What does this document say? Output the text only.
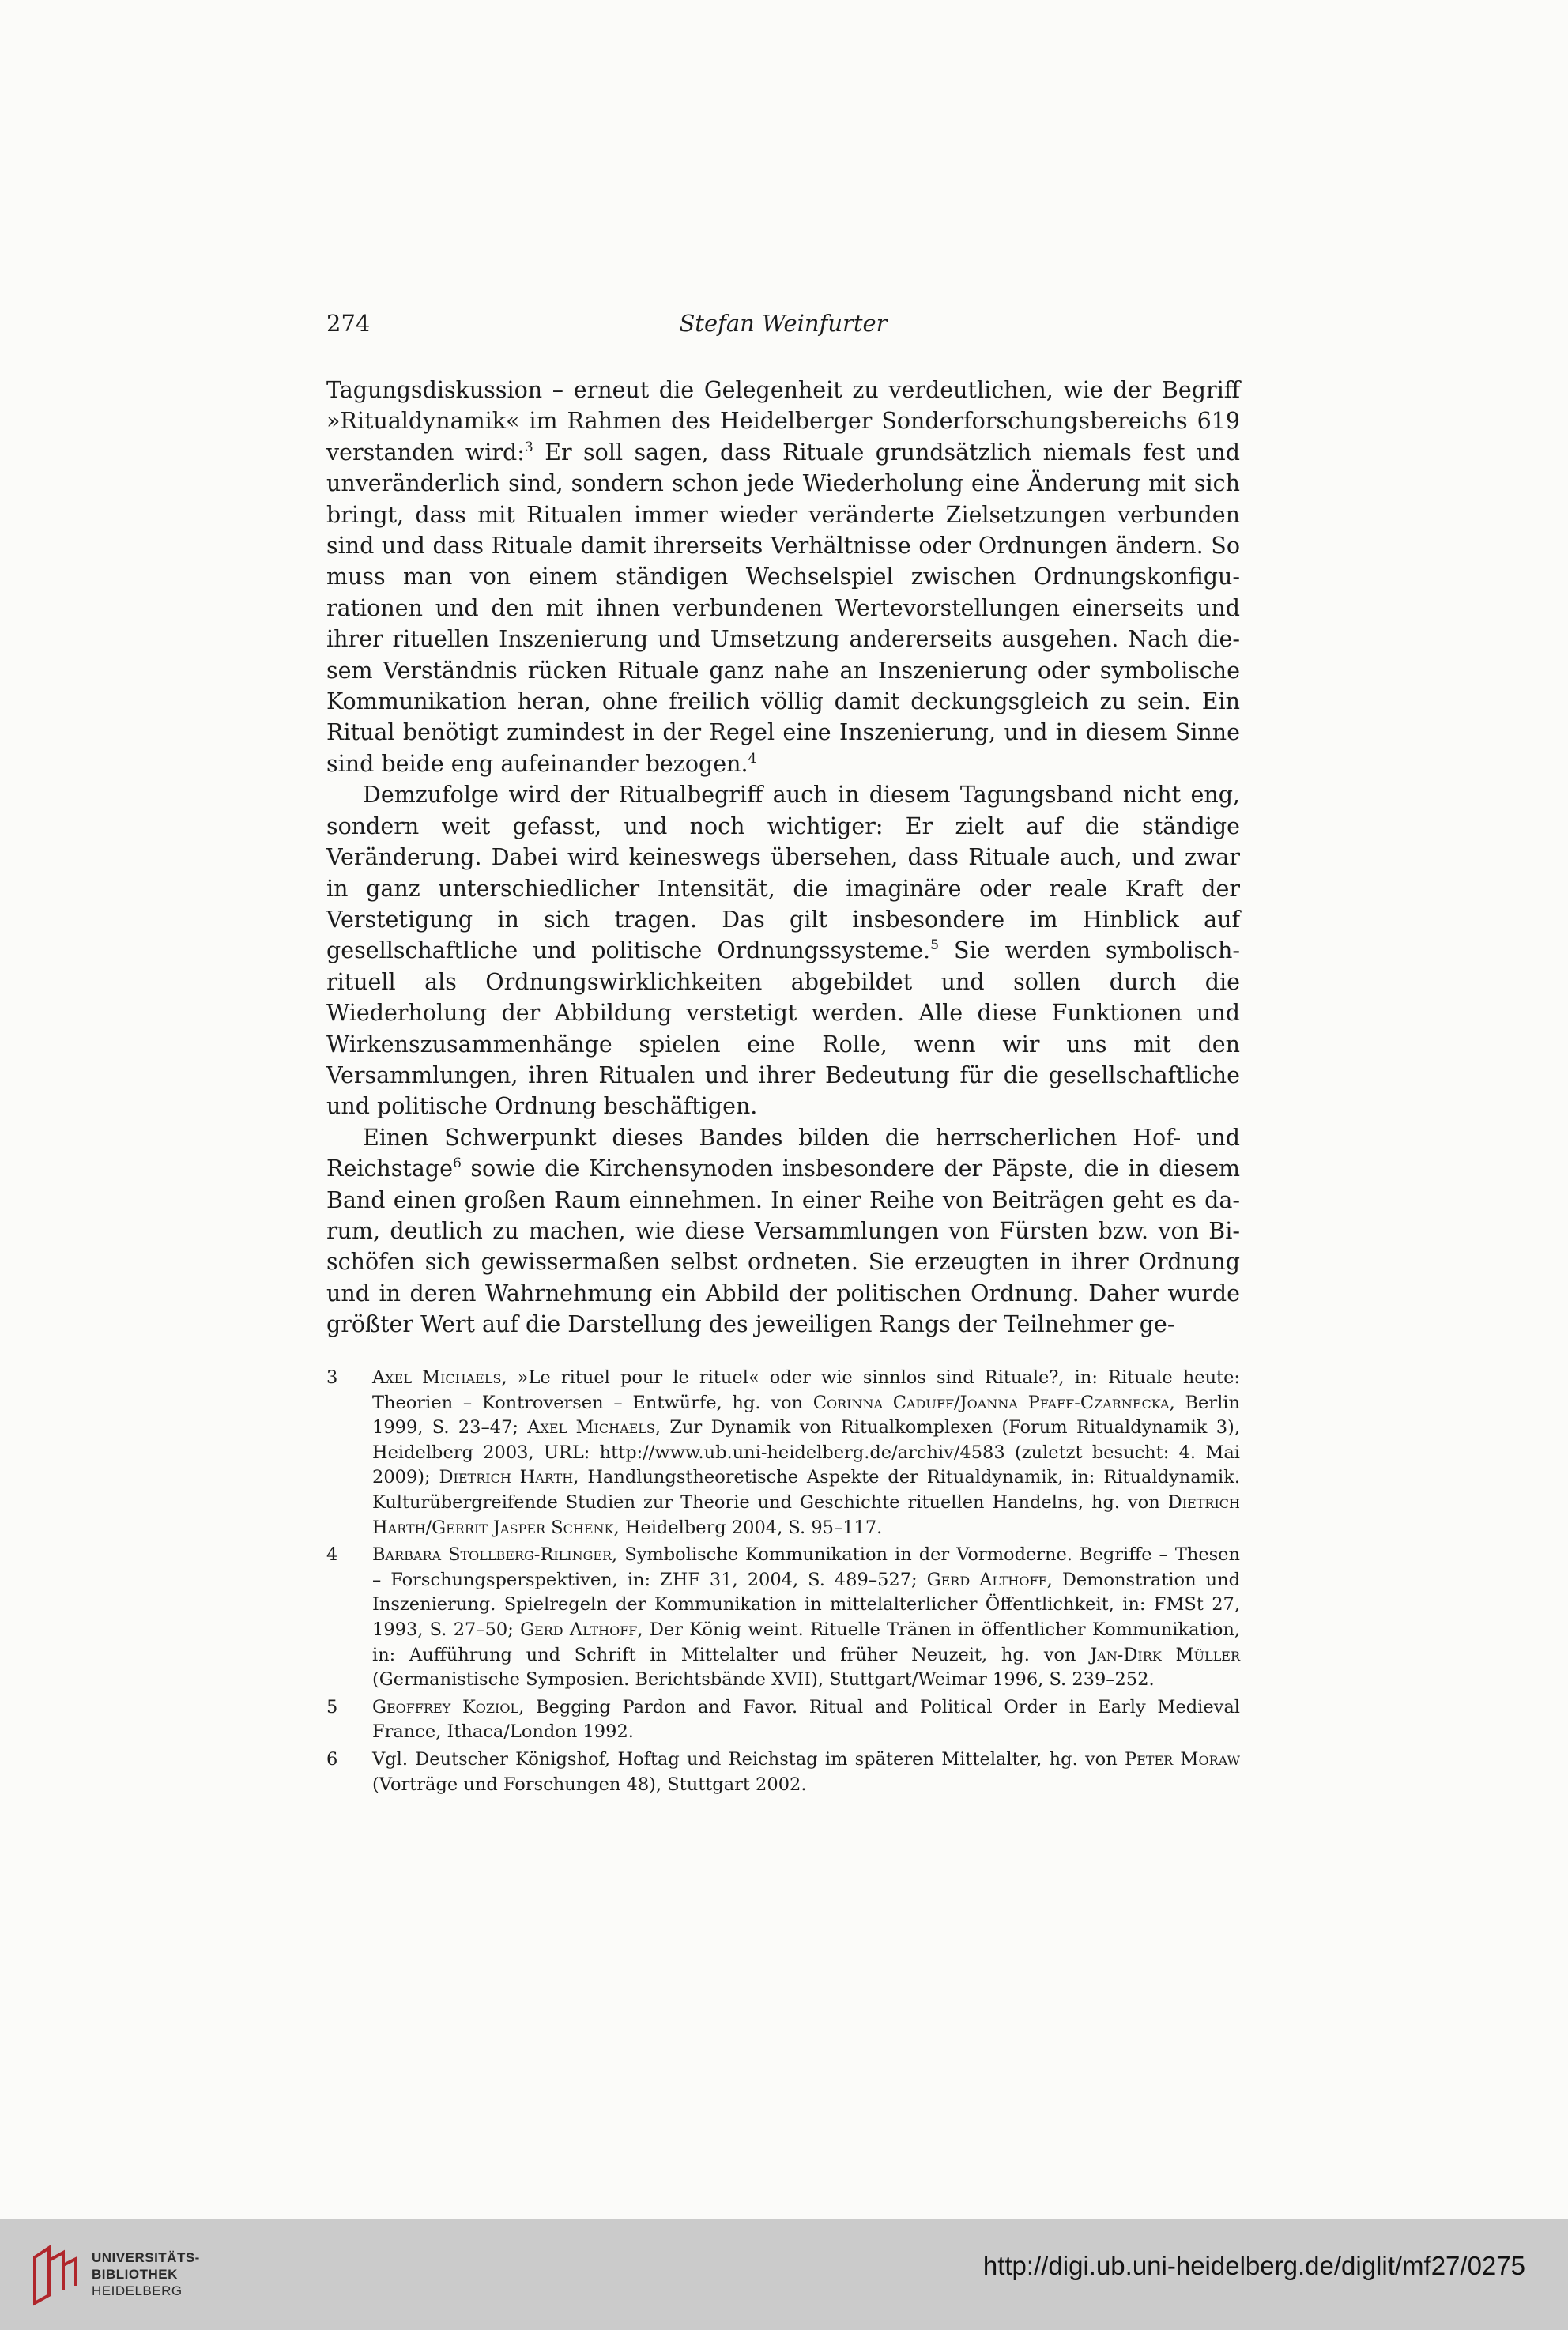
274	Stefan Weinfurter

Tagungsdiskussion – erneut die Gelegenheit zu verdeutlichen, wie der Begriff »Ritualdynamik« im Rahmen des Heidelberger Sonderforschungsbereichs 619 verstanden wird:$^3$ Er soll sagen, dass Rituale grundsätzlich niemals fest und unveränderlich sind, sondern schon jede Wiederholung eine Änderung mit sich bringt, dass mit Ritualen immer wieder veränderte Zielsetzungen verbunden sind und dass Rituale damit ihrerseits Verhältnisse oder Ordnungen ändern. So muss man von einem ständigen Wechselspiel zwischen Ordnungskonfigurationen und den mit ihnen verbundenen Wertevorstellungen einerseits und ihrer rituellen Inszenierung und Umsetzung andererseits ausgehen. Nach diesem Verständnis rücken Rituale ganz nahe an Inszenierung oder symbolische Kommunikation heran, ohne freilich völlig damit deckungsgleich zu sein. Ein Ritual benötigt zumindest in der Regel eine Inszenierung, und in diesem Sinne sind beide eng aufeinander bezogen.$^4$

Demzufolge wird der Ritualbegriff auch in diesem Tagungsband nicht eng, sondern weit gefasst, und noch wichtiger: Er zielt auf die ständige Veränderung. Dabei wird keineswegs übersehen, dass Rituale auch, und zwar in ganz unterschiedlicher Intensität, die imaginäre oder reale Kraft der Verstetigung in sich tragen. Das gilt insbesondere im Hinblick auf gesellschaftliche und politische Ordnungssysteme.$^5$ Sie werden symbolisch-rituell als Ordnungswirklichkeiten abgebildet und sollen durch die Wiederholung der Abbildung verstetigt werden. Alle diese Funktionen und Wirkenszusammenhänge spielen eine Rolle, wenn wir uns mit den Versammlungen, ihren Ritualen und ihrer Bedeutung für die gesellschaftliche und politische Ordnung beschäftigen.

Einen Schwerpunkt dieses Bandes bilden die herrscherlichen Hof- und Reichstage$^6$ sowie die Kirchensynoden insbesondere der Päpste, die in diesem Band einen großen Raum einnehmen. In einer Reihe von Beiträgen geht es darum, deutlich zu machen, wie diese Versammlungen von Fürsten bzw. von Bischöfen sich gewissermaßen selbst ordneten. Sie erzeugten in ihrer Ordnung und in deren Wahrnehmung ein Abbild der politischen Ordnung. Daher wurde größter Wert auf die Darstellung des jeweiligen Rangs der Teilnehmer ge-

3 Axel Michaels, »Le rituel pour le rituel« oder wie sinnlos sind Rituale?, in: Rituale heute: Theorien – Kontroversen – Entwürfe, hg. von Corinna Caduff/Joanna Pfaff-Czarnecka, Berlin 1999, S. 23–47; Axel Michaels, Zur Dynamik von Ritualkomplexen (Forum Ritualdynamik 3), Heidelberg 2003, URL: http://www.ub.uni-heidelberg.de/archiv/4583 (zuletzt besucht: 4. Mai 2009); Dietrich Harth, Handlungstheoretische Aspekte der Ritualdynamik, in: Ritualdynamik. Kulturübergreifende Studien zur Theorie und Geschichte rituellen Handelns, hg. von Dietrich Harth/Gerrit Jasper Schenk, Heidelberg 2004, S. 95–117.
4 Barbara Stollberg-Rilinger, Symbolische Kommunikation in der Vormoderne. Begriffe – Thesen – Forschungsperspektiven, in: ZHF 31, 2004, S. 489–527; Gerd Althoff, Demonstration und Inszenierung. Spielregeln der Kommunikation in mittelalterlicher Öffentlichkeit, in: FMSt 27, 1993, S. 27–50; Gerd Althoff, Der König weint. Rituelle Tränen in öffentlicher Kommunikation, in: Aufführung und Schrift in Mittelalter und früher Neuzeit, hg. von Jan-Dirk Müller (Germanistische Symposien. Berichtsbände XVII), Stuttgart/Weimar 1996, S. 239–252.
5 Geoffrey Koziol, Begging Pardon and Favor. Ritual and Political Order in Early Medieval France, Ithaca/London 1992.
6 Vgl. Deutscher Königshof, Hoftag und Reichstag im späteren Mittelalter, hg. von Peter Moraw (Vorträge und Forschungen 48), Stuttgart 2002.
UNIVERSITÄTS-
BIBLIOTHEK
HEIDELBERG
http://digi.ub.uni-heidelberg.de/diglit/mf27/0275
